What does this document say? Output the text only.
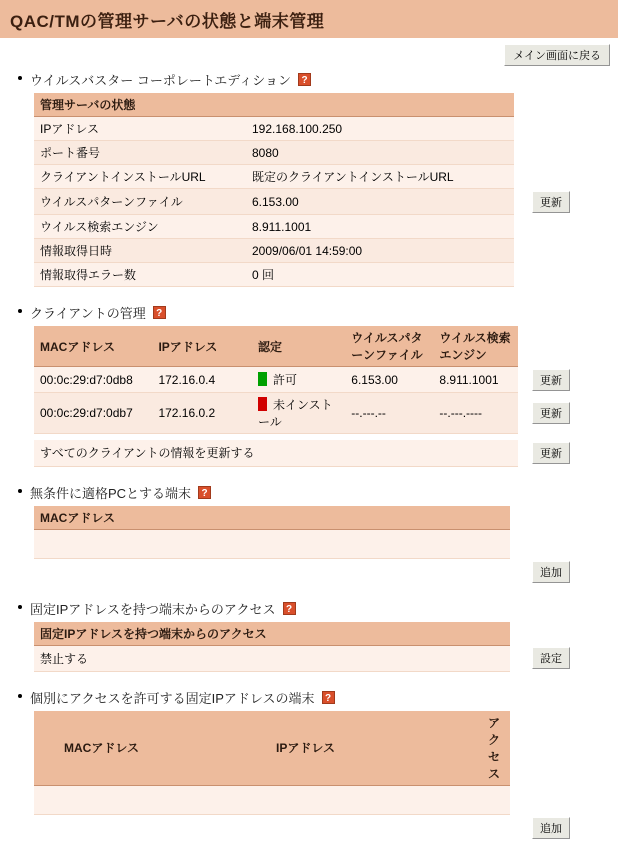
QAC/TMの管理サーバの状態と端末管理
メイン画面に戻る
ウイルスバスター コーポレートエディション	?
管理サーバの状態		
IPアドレス	192.168.100.250	
ポート番号	8080	
クライアントインストールURL	既定のクライアントインストールURL	
ウイルスパターンファイル	6.153.00	更新
ウイルス検索エンジン	8.911.1001	
情報取得日時	2009/06/01 14:59:00	
情報取得エラー数	0 回	
クライアントの管理	?
MACアドレス	IPアドレス	認定	ウイルスパターンファイル	ウイルス検索エンジン	
00:0c:29:d7:0db8	172.16.0.4	許可	6.153.00	8.911.1001	更新
00:0c:29:d7:0db7	172.16.0.2	未インストール	--.---.--	--.---.----	更新

すべてのクライアントの情報を更新する					更新
無条件に適格PCとする端末	?
MACアドレス	

	追加
固定IPアドレスを持つ端末からのアクセス	?
固定IPアドレスを持つ端末からのアクセス	
禁止する	設定
個別にアクセスを許可する固定IPアドレスの端末	?
MACアドレス	IPアドレス	アクセス	

			追加
